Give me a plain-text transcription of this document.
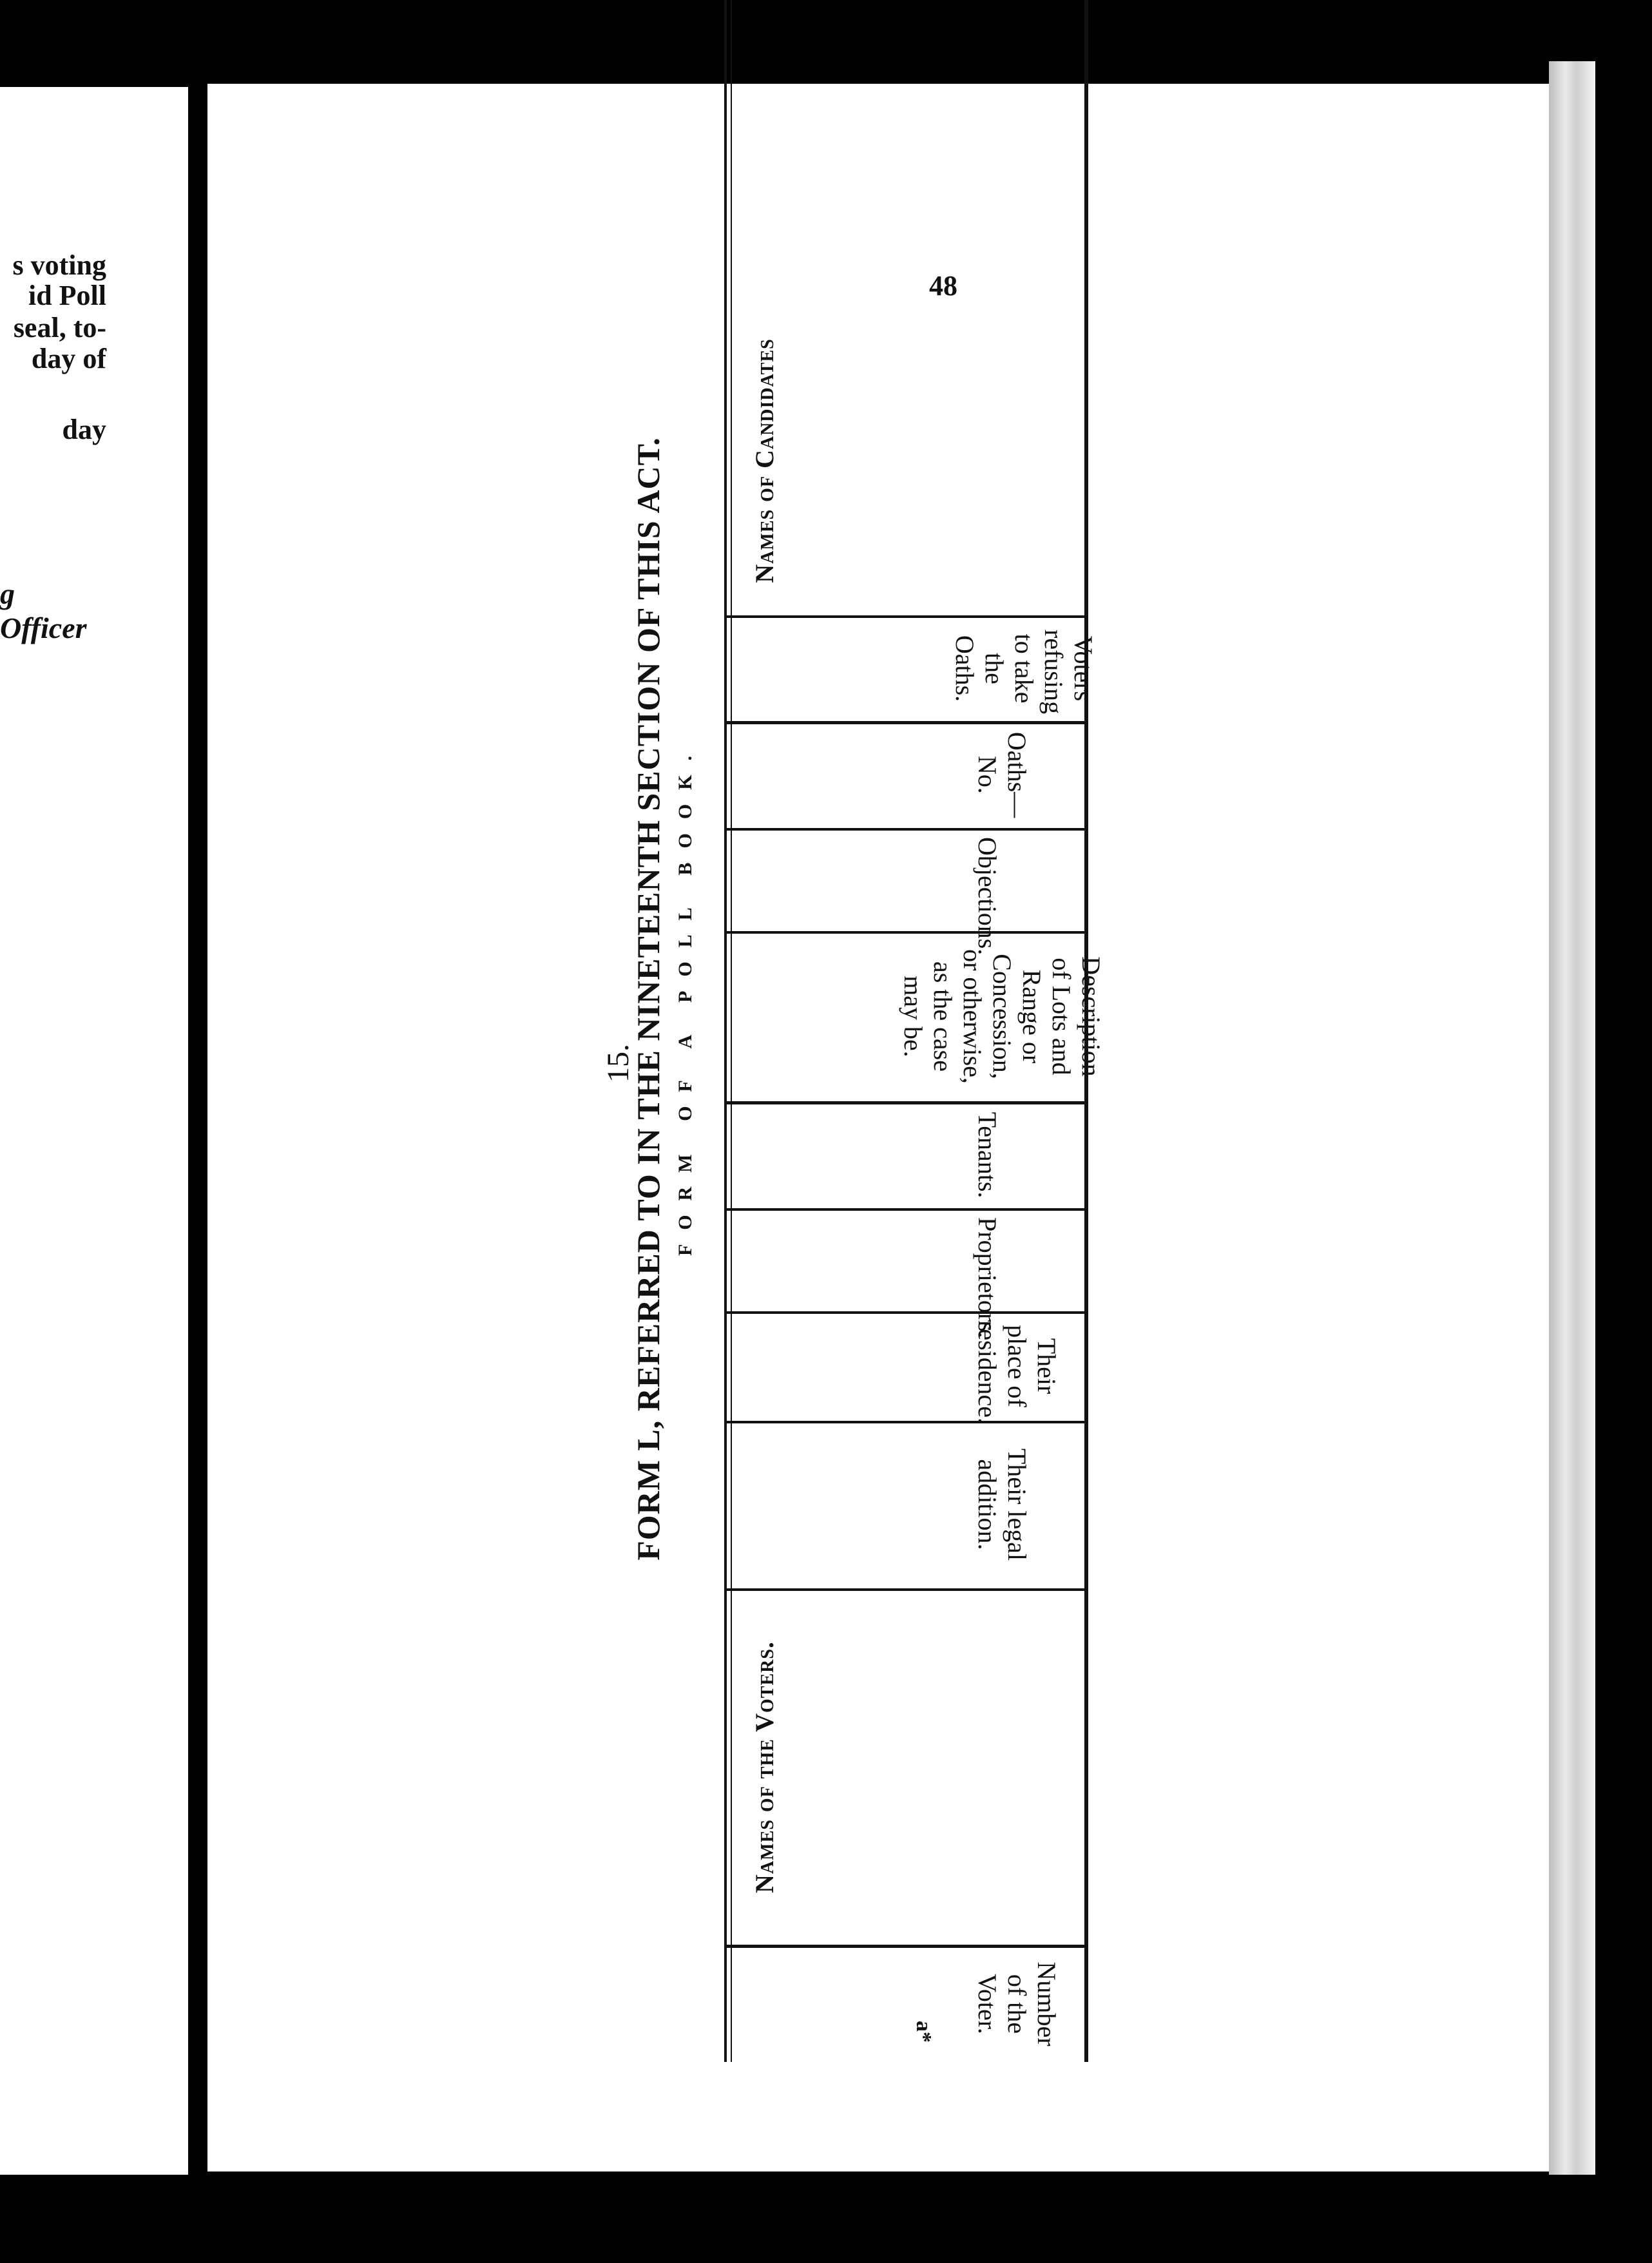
s voting
id Poll
seal, to-
day of
day
g Officer
48
15.
FORM L, REFERRED TO IN THE NINETEENTH SECTION OF THIS ACT. FORM OF A POLL BOOK.
Number of the Voter.
a*
Names of the Voters.
Their legal addition.
Their place of residence.
Proprietors.
Tenants.
Description of Lots and Range or Concession, or otherwise, as the case may be.
Objections.
Oaths—No.
Voters refusing to take the Oaths.
Names of Candidates
